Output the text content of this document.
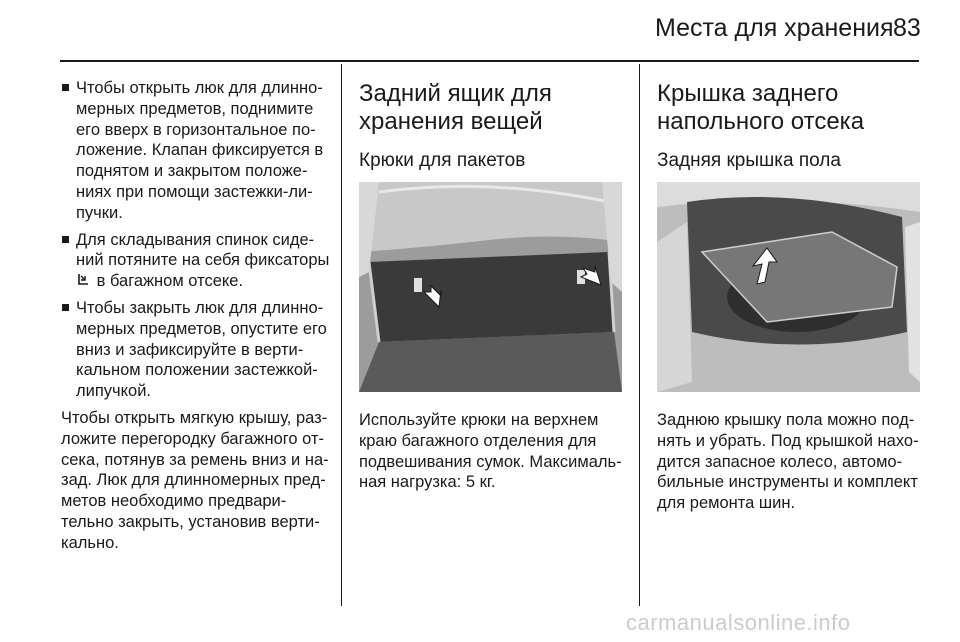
Места для хранения 83
Чтобы открыть люк для длинно-мерных предметов, поднимите его вверх в горизонтальное по-ложение. Клапан фиксируется в поднятом и закрытом положе-ниях при помощи застежки-ли-пучки.
Для складывания спинок сиде-ний потяните на себя фиксаторы  в багажном отсеке.
Чтобы закрыть люк для длинно-мерных предметов, опустите его вниз и зафиксируйте в верти-кальном положении застежкой-липучкой.

Чтобы открыть мягкую крышу, раз-ложите перегородку багажного от-сека, потянув за ремень вниз и на-зад. Люк для длинномерных пред-метов необходимо предвари-тельно закрыть, установив верти-кально.

Задний ящик для хранения вещей
Крюки для пакетов

Используйте крюки на верхнем краю багажного отделения для подвешивания сумок. Максималь-ная нагрузка: 5 кг.

Крышка заднего напольного отсека
Задняя крышка пола

Заднюю крышку пола можно под-нять и убрать. Под крышкой нахо-дится запасное колесо, автомо-бильные инструменты и комплект для ремонта шин.

carmanualsonline.info
